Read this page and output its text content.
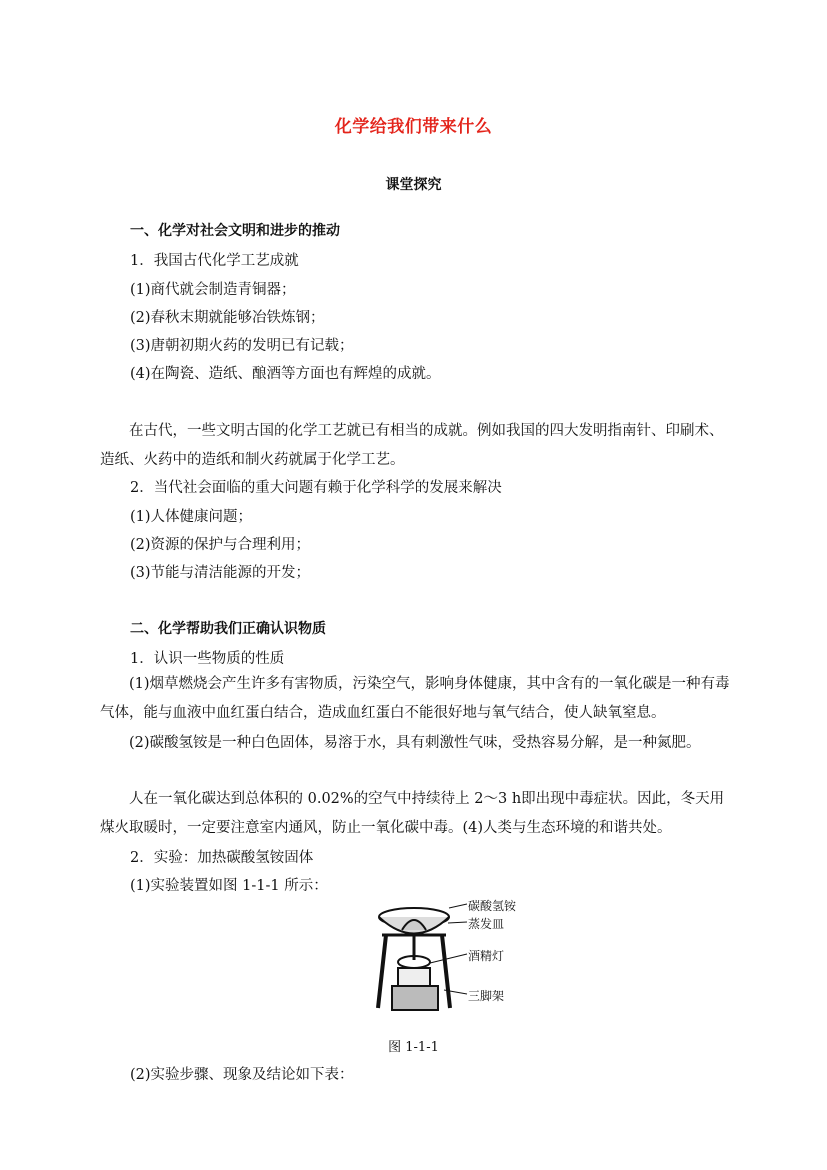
化学给我们带来什么
课堂探究
一、化学对社会文明和进步的推动
1．我国古代化学工艺成就
(1)商代就会制造青铜器；
(2)春秋末期就能够冶铁炼钢；
(3)唐朝初期火药的发明已有记载；
(4)在陶瓷、造纸、酿酒等方面也有辉煌的成就。
在古代，一些文明古国的化学工艺就已有相当的成就。例如我国的四大发明指南针、印刷术、造纸、火药中的造纸和制火药就属于化学工艺。
2．当代社会面临的重大问题有赖于化学科学的发展来解决
(1)人体健康问题；
(2)资源的保护与合理利用；
(3)节能与清洁能源的开发；
二、化学帮助我们正确认识物质
1．认识一些物质的性质
(1)烟草燃烧会产生许多有害物质，污染空气，影响身体健康，其中含有的一氧化碳是一种有毒气体，能与血液中血红蛋白结合，造成血红蛋白不能很好地与氧气结合，使人缺氧窒息。
(2)碳酸氢铵是一种白色固体，易溶于水，具有刺激性气味，受热容易分解，是一种氮肥。
人在一氧化碳达到总体积的 0.02%的空气中持续待上 2～3 h即出现中毒症状。因此，冬天用煤火取暖时，一定要注意室内通风，防止一氧化碳中毒。(4)人类与生态环境的和谐共处。
2．实验：加热碳酸氢铵固体
(1)实验装置如图 1-1-1 所示：
碳酸氢铵
蒸发皿
酒精灯
三脚架
图 1-1-1
(2)实验步骤、现象及结论如下表：
